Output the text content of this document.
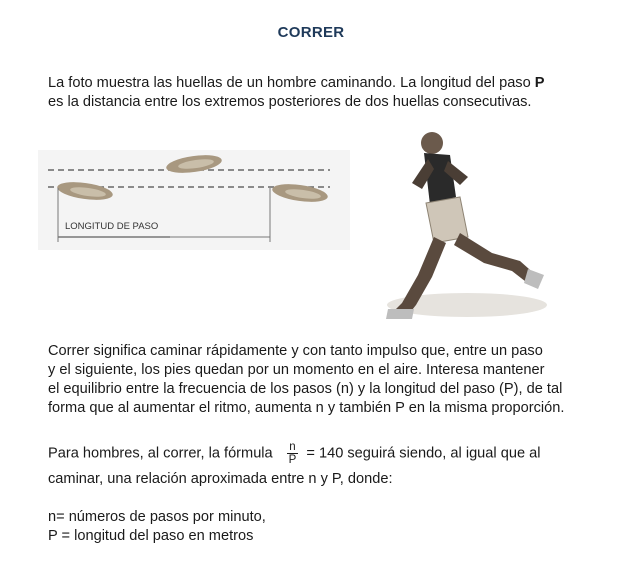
CORRER
La foto muestra las huellas de un hombre caminando. La longitud del paso P
es la distancia entre los extremos posteriores de dos huellas consecutivas.
LONGITUD DE PASO
Correr significa caminar rápidamente y con tanto impulso que, entre un paso
y el siguiente, los pies quedan por un momento en el aire. Interesa mantener
el equilibrio entre la frecuencia de los pasos (n) y la longitud del paso (P), de tal
forma que al aumentar el ritmo, aumenta n y también P en la misma proporción.
Para hombres, al correr, la fórmula $\frac{n}{P} = 140$ seguirá siendo, al igual que al
caminar, una relación aproximada entre n y P, donde:
n= números de pasos por minuto,
P = longitud del paso en metros
